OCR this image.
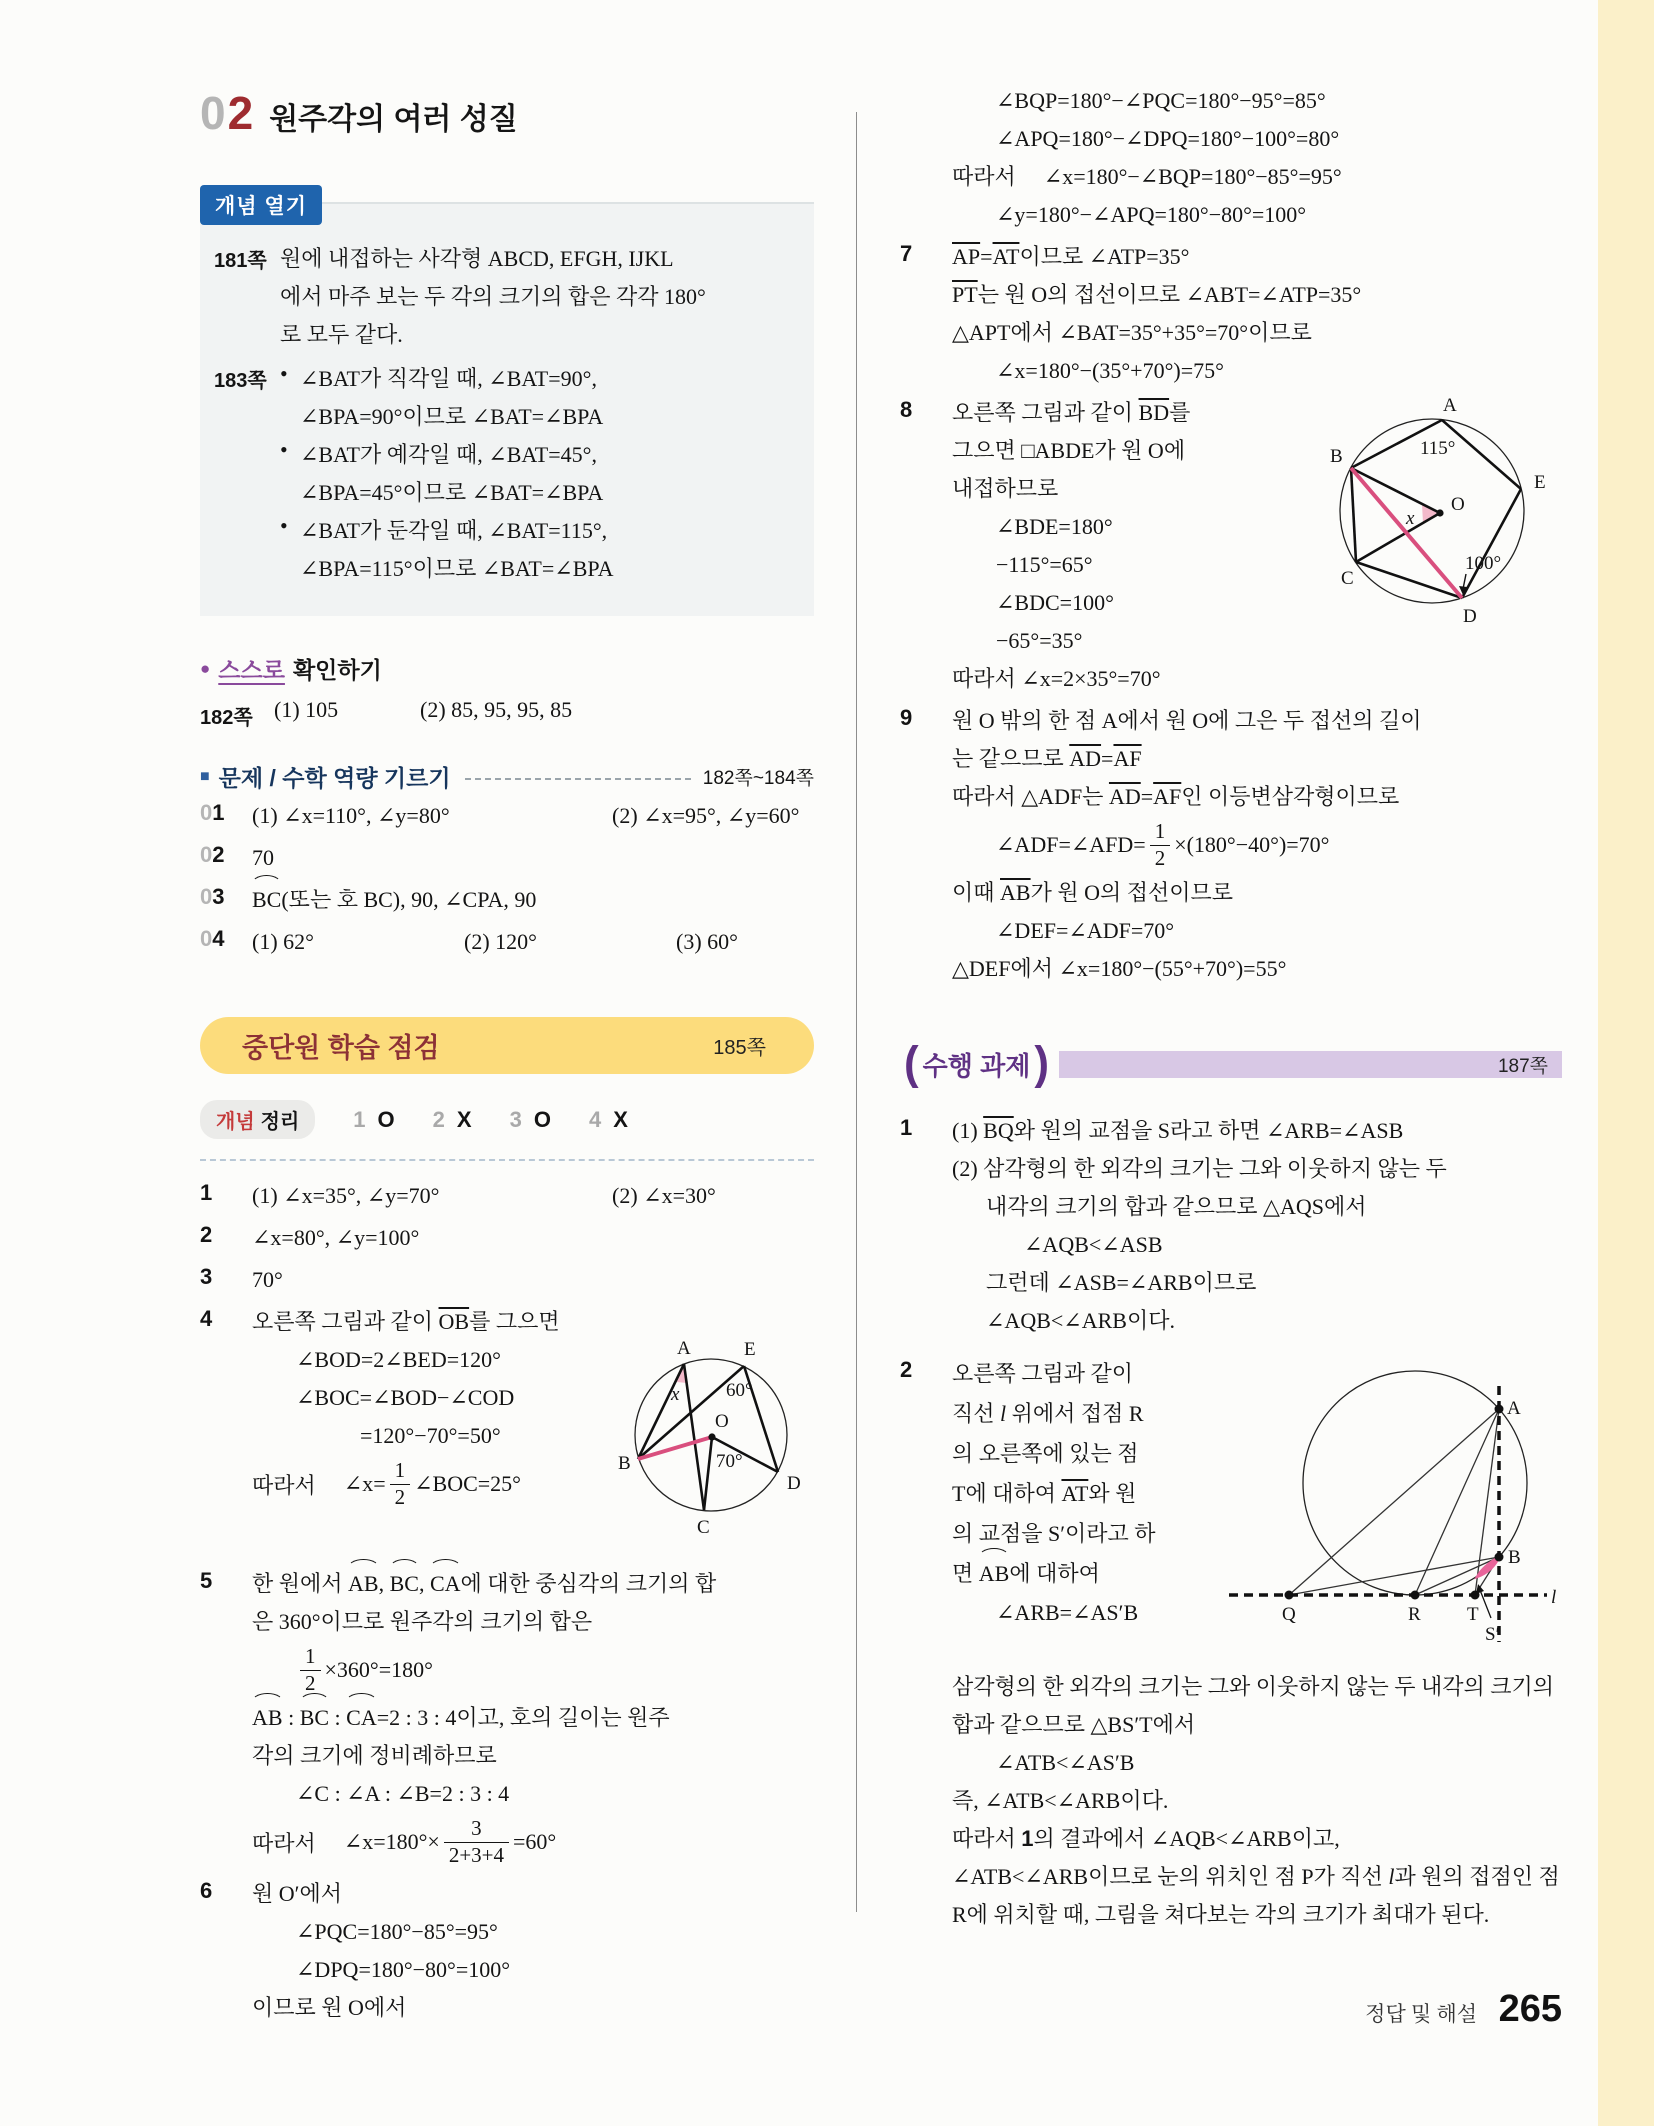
02 원주각의 여러 성질
개념 열기
181쪽 원에 내접하는 사각형 ABCD, EFGH, IJKL
에서 마주 보는 두 각의 크기의 합은 각각 180°
로 모두 같다.
183쪽 • ∠BAT가 직각일 때, ∠BAT=90°,
∠BPA=90°이므로 ∠BAT=∠BPA
• ∠BAT가 예각일 때, ∠BAT=45°,
∠BPA=45°이므로 ∠BAT=∠BPA
• ∠BAT가 둔각일 때, ∠BAT=115°,
∠BPA=115°이므로 ∠BAT=∠BPA
● 스스로 확인하기
182쪽 (1) 105	(2) 85, 95, 95, 85
■ 문제 / 수학 역량 기르기	182쪽~184쪽
01	(1) ∠x=110°, ∠y=80°	(2) ∠x=95°, ∠y=60°
02	70
03	BC(또는 호 BC), 90, ∠CPA, 90
04	(1) 62°	(2) 120°	(3) 60°
중단원 학습 점검	185쪽
개념 정리	1 O 2 X 3 O 4 X
1	(1) ∠x=35°, ∠y=70°	(2) ∠x=30°
2	∠x=80°, ∠y=100°
3	70°
4
A	E
B
C
D
O
x 60°
70°
오른쪽 그림과 같이 $\overline{OB}$를 그으면
∠BOD=2∠BED=120°
∠BOC=∠BOD−∠COD
=120°−70°=50°
따라서 ∠x= $\frac{1}{2}$ ∠BOC=25°
5	한 원에서 AB, BC, CA에 대한 중심각의 크기의 합
은 360°이므로 원주각의 크기의 합은
$\frac{1}{2} \times 360^\circ=180^\circ$
AB : BC : CA=2 : 3 : 4이고, 호의 길이는 원주
각의 크기에 정비례하므로
∠C : ∠A : ∠B=2 : 3 : 4
따라서 ∠x=180°× $\frac{3}{2+3+4} =60^\circ$
6	원 O′에서
∠PQC=180°−85°=95°
∠DPQ=180°−80°=100°
이므로 원 O에서
∠BQP=180°−∠PQC=180°−95°=85°
∠APQ=180°−∠DPQ=180°−100°=80°
따라서 ∠x=180°−∠BQP=180°−85°=95°
∠y=180°−∠APQ=180°−80°=100°
7	$\overline{AP}=\overline{AT}$이므로 ∠ATP=35°
$\overline{PT}$는 원 O의 접선이므로 ∠ABT=∠ATP=35°
△APT에서 ∠BAT=35°+35°=70°이므로
∠x=180°−(35°+70°)=75°
8	A
B
E
C
D
O
115°
x
100°
오른쪽 그림과 같이 $\overline{BD}$를 그으면 □ABDE가 원 O에 내접하므로
∠BDE=180°−115°=65°
∠BDC=100°−65°=35°
따라서 ∠x=2×35°=70°
9	원 O 밖의 한 점 A에서 원 O에 그은 두 접선의 길이
는 같으므로 $\overline{AD}=\overline{AF}$
따라서 △ADF는 $\overline{AD}=\overline{AF}$인 이등변삼각형이므로
∠ADF=∠AFD= $\frac{1}{2} \times(180^\circ-40^\circ)=70^\circ$
이때 $\overline{AB}$가 원 O의 접선이므로
∠DEF=∠ADF=70°
△DEF에서 ∠x=180°−(55°+70°)=55°
( 수행 과제 )	187쪽
1	(1) $\overline{BQ}$와 원의 교점을 S라고 하면 ∠ARB=∠ASB
(2) 삼각형의 한 외각의 크기는 그와 이웃하지 않는 두
내각의 크기의 합과 같으므로 △AQS에서
∠AQB<∠ASB
그런데 ∠ASB=∠ARB이므로
∠AQB<∠ARB이다.
2
Q	R T
A
B
S′
l
오른쪽 그림과 같이 직선 l 위에서 접점 R의 오른쪽에 있는 점 T에 대하여 $\overline{AT}$와 원의 교점을 S′이라고 하면 AB에 대하여
∠ARB=∠AS′B
삼각형의 한 외각의 크기는 그와 이웃하지 않는 두 내각의 크기의 합과 같으므로 △BS′T에서
∠ATB<∠AS′B
즉, ∠ATB<∠ARB이다.
따라서 1의 결과에서 ∠AQB<∠ARB이고,
∠ATB<∠ARB이므로 눈의 위치인 점 P가 직선 l과 원의 접점인 점 R에 위치할 때, 그림을 쳐다보는 각의 크기가 최대가 된다.
정답 및 해설 265
